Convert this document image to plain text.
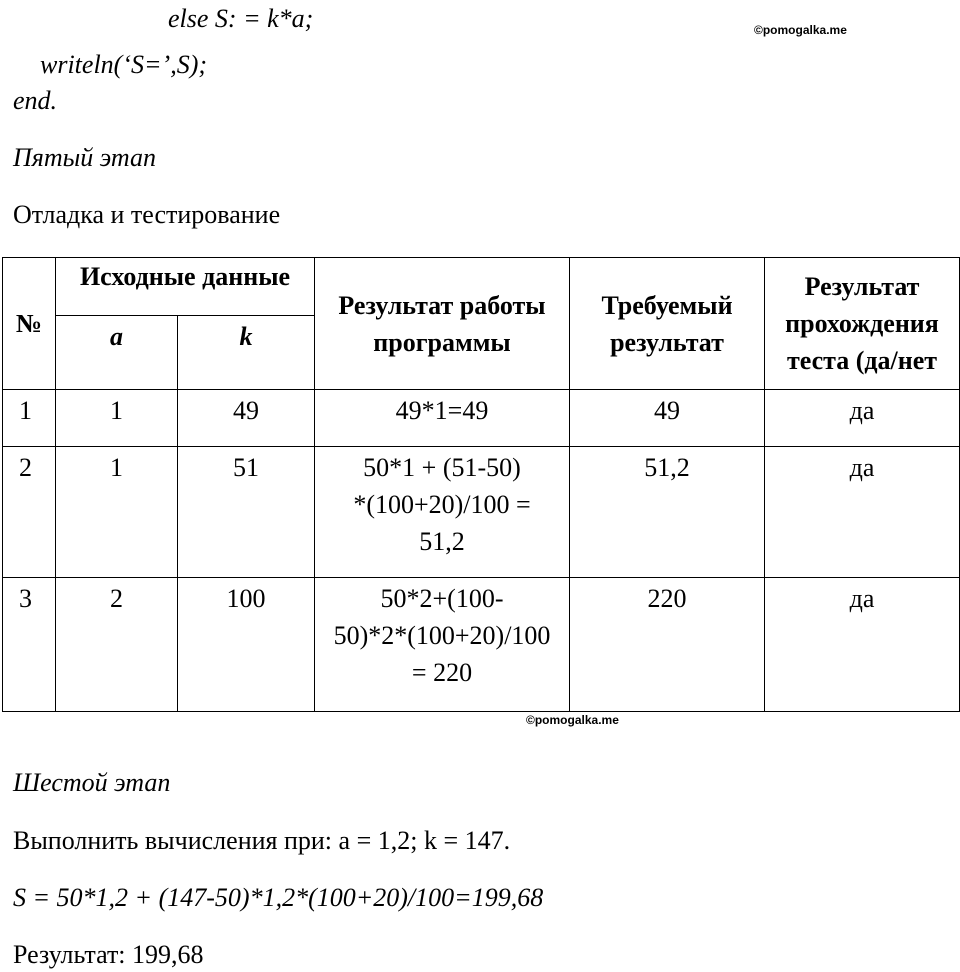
else S: = k*a;	©pomogalka.me
writeln(‘S=’,S);
end.
Пятый этап
Отладка и тестирование
№	Исходные данные		Результат работы программы	Требуемый результат	Результат прохождения теста (да/нет
	a	k			
1	1	49	49*1=49	49	да
2	1	51	50*1 + (51-50)
*(100+20)/100 =
51,2	51,2	да
3	2	100	50*2+(100-
50)*2*(100+20)/100
= 220	220	да
©pomogalka.me
Шестой этап
Выполнить вычисления при: a = 1,2; k = 147.
S = 50*1,2 + (147-50)*1,2*(100+20)/100=199,68
Результат: 199,68
